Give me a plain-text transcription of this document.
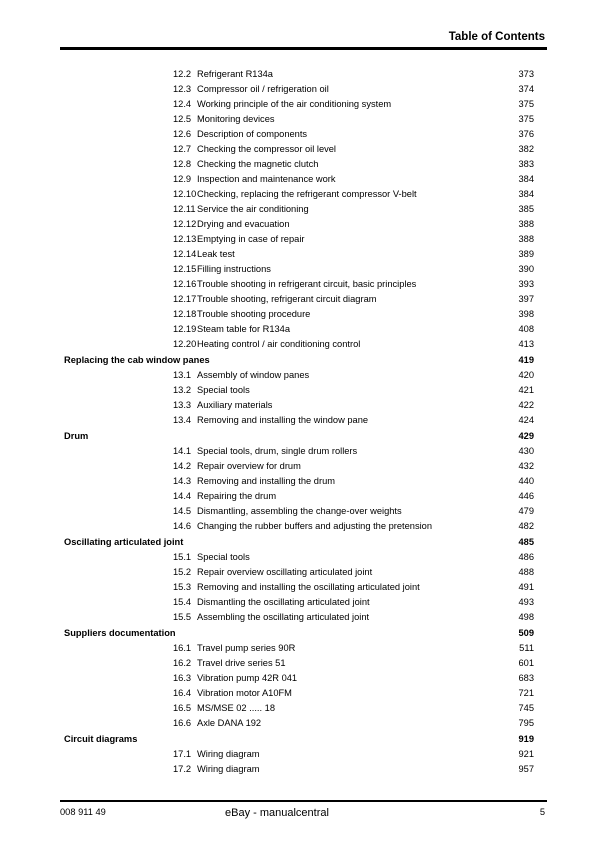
Table of Contents
12.2 Refrigerant R134a	373
12.3 Compressor oil / refrigeration oil	374
12.4 Working principle of the air conditioning system	375
12.5 Monitoring devices	375
12.6 Description of components	376
12.7 Checking the compressor oil level	382
12.8 Checking the magnetic clutch	383
12.9 Inspection and maintenance work	384
12.10 Checking, replacing the refrigerant compressor V-belt	384
12.11 Service the air conditioning	385
12.12 Drying and evacuation	388
12.13 Emptying in case of repair	388
12.14 Leak test	389
12.15 Filling instructions	390
12.16 Trouble shooting in refrigerant circuit, basic principles	393
12.17 Trouble shooting, refrigerant circuit diagram	397
12.18 Trouble shooting procedure	398
12.19 Steam table for R134a	408
12.20 Heating control / air conditioning control	413
Replacing the cab window panes	419
13.1 Assembly of window panes	420
13.2 Special tools	421
13.3 Auxiliary materials	422
13.4 Removing and installing the window pane	424
Drum	429
14.1 Special tools, drum, single drum rollers	430
14.2 Repair overview for drum	432
14.3 Removing and installing the drum	440
14.4 Repairing the drum	446
14.5 Dismantling, assembling the change-over weights	479
14.6 Changing the rubber buffers and adjusting the pretension	482
Oscillating articulated joint	485
15.1 Special tools	486
15.2 Repair overview oscillating articulated joint	488
15.3 Removing and installing the oscillating articulated joint	491
15.4 Dismantling the oscillating articulated joint	493
15.5 Assembling the oscillating articulated joint	498
Suppliers documentation	509
16.1 Travel pump series 90R	511
16.2 Travel drive series 51	601
16.3 Vibration pump 42R 041	683
16.4 Vibration motor A10FM	721
16.5 MS/MSE 02 ..... 18	745
16.6 Axle DANA 192	795
Circuit diagrams	919
17.1 Wiring diagram	921
17.2 Wiring diagram	957
008 911 49	eBay - manualcentral	5
